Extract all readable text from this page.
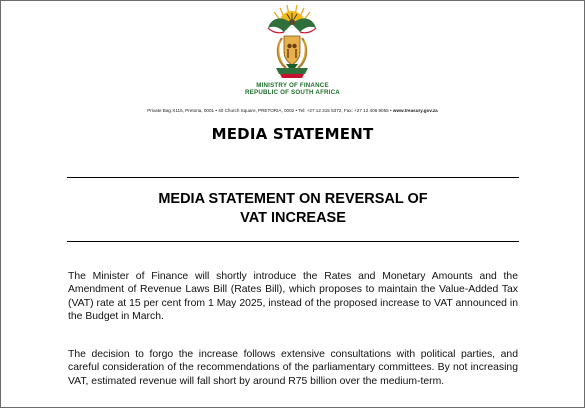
MINISTRY OF FINANCE
REPUBLIC OF SOUTH AFRICA
Private Bag X115, Pretoria, 0001 • 40 Church Square, PRETORIA, 0002 • Tel: +27 12 315 5372, Fax: +27 12 406 9055 • www.treasury.gov.za
MEDIA STATEMENT
MEDIA STATEMENT ON REVERSAL OF
VAT INCREASE

The Minister of Finance will shortly introduce the Rates and Monetary Amounts and the Amendment of Revenue Laws Bill (Rates Bill), which proposes to maintain the Value-Added Tax (VAT) rate at 15 per cent from 1 May 2025, instead of the proposed increase to VAT announced in the Budget in March.

The decision to forgo the increase follows extensive consultations with political parties, and careful consideration of the recommendations of the parliamentary committees. By not increasing VAT, estimated revenue will fall short by around R75 billion over the medium-term.
